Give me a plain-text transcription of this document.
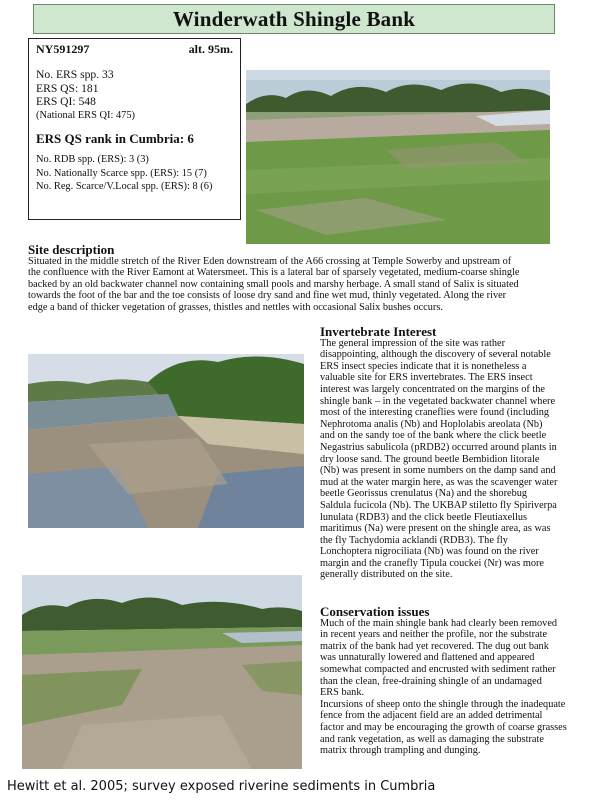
Winderwath Shingle Bank
NY591297	alt. 95m.
No. ERS spp. 33
ERS QS: 181
ERS QI: 548
(National ERS QI: 475)
ERS QS rank in Cumbria: 6
No. RDB spp. (ERS): 3 (3)
No. Nationally Scarce spp. (ERS): 15 (7)
No. Reg. Scarce/V.Local spp. (ERS): 8 (6)
Site description

Situated in the middle stretch of the River Eden downstream of the A66 crossing at Temple Sowerby and upstream of

the confluence with the River Eamont at Watersmeet. This is a lateral bar of sparsely vegetated, medium-coarse shingle

backed by an old backwater channel now containing small pools and marshy herbage. A small stand of Salix is situated

towards the foot of the bar and the toe consists of loose dry sand and fine wet mud, thinly vegetated. Along the river

edge a band of thicker vegetation of grasses, thistles and nettles with occasional Salix bushes occurs.

Invertebrate Interest

The general impression of the site was rather

disappointing, although the discovery of several notable

ERS insect species indicate that it is nonetheless a

valuable site for ERS invertebrates. The ERS insect

interest was largely concentrated on the margins of the

shingle bank – in the vegetated backwater channel where

most of the interesting craneflies were found (including

Nephrotoma analis (Nb) and Hoplolabis areolata (Nb)

and on the sandy toe of the bank where the click beetle

Negastrius sabulicola (pRDB2) occurred around plants in

dry loose sand. The ground beetle Bembidion litorale

(Nb) was present in some numbers on the damp sand and

mud at the water margin here, as was the scavenger water

beetle Georissus crenulatus (Na) and the shorebug

Saldula fucicola (Nb). The UKBAP stiletto fly Spiriverpa

lunulata (RDB3) and the click beetle Fleutiaxellus

maritimus (Na) were present on the shingle area, as was

the fly Tachydomia acklandi (RDB3). The fly

Lonchoptera nigrociliata (Nb) was found on the river

margin and the cranefly Tipula couckei (Nr) was more

generally distributed on the site.

Conservation issues

Much of the main shingle bank had clearly been removed

in recent years and neither the profile, nor the substrate

matrix of the bank had yet recovered. The dug out bank

was unnaturally lowered and flattened and appeared

somewhat compacted and encrusted with sediment rather

than the clean, free-draining shingle of an undamaged

ERS bank.

Incursions of sheep onto the shingle through the inadequate

fence from the adjacent field are an added detrimental

factor and may be encouraging the growth of coarse grasses

and rank vegetation, as well as damaging the substrate

matrix through trampling and dunging.

Hewitt et al. 2005; survey exposed riverine sediments in Cumbria
